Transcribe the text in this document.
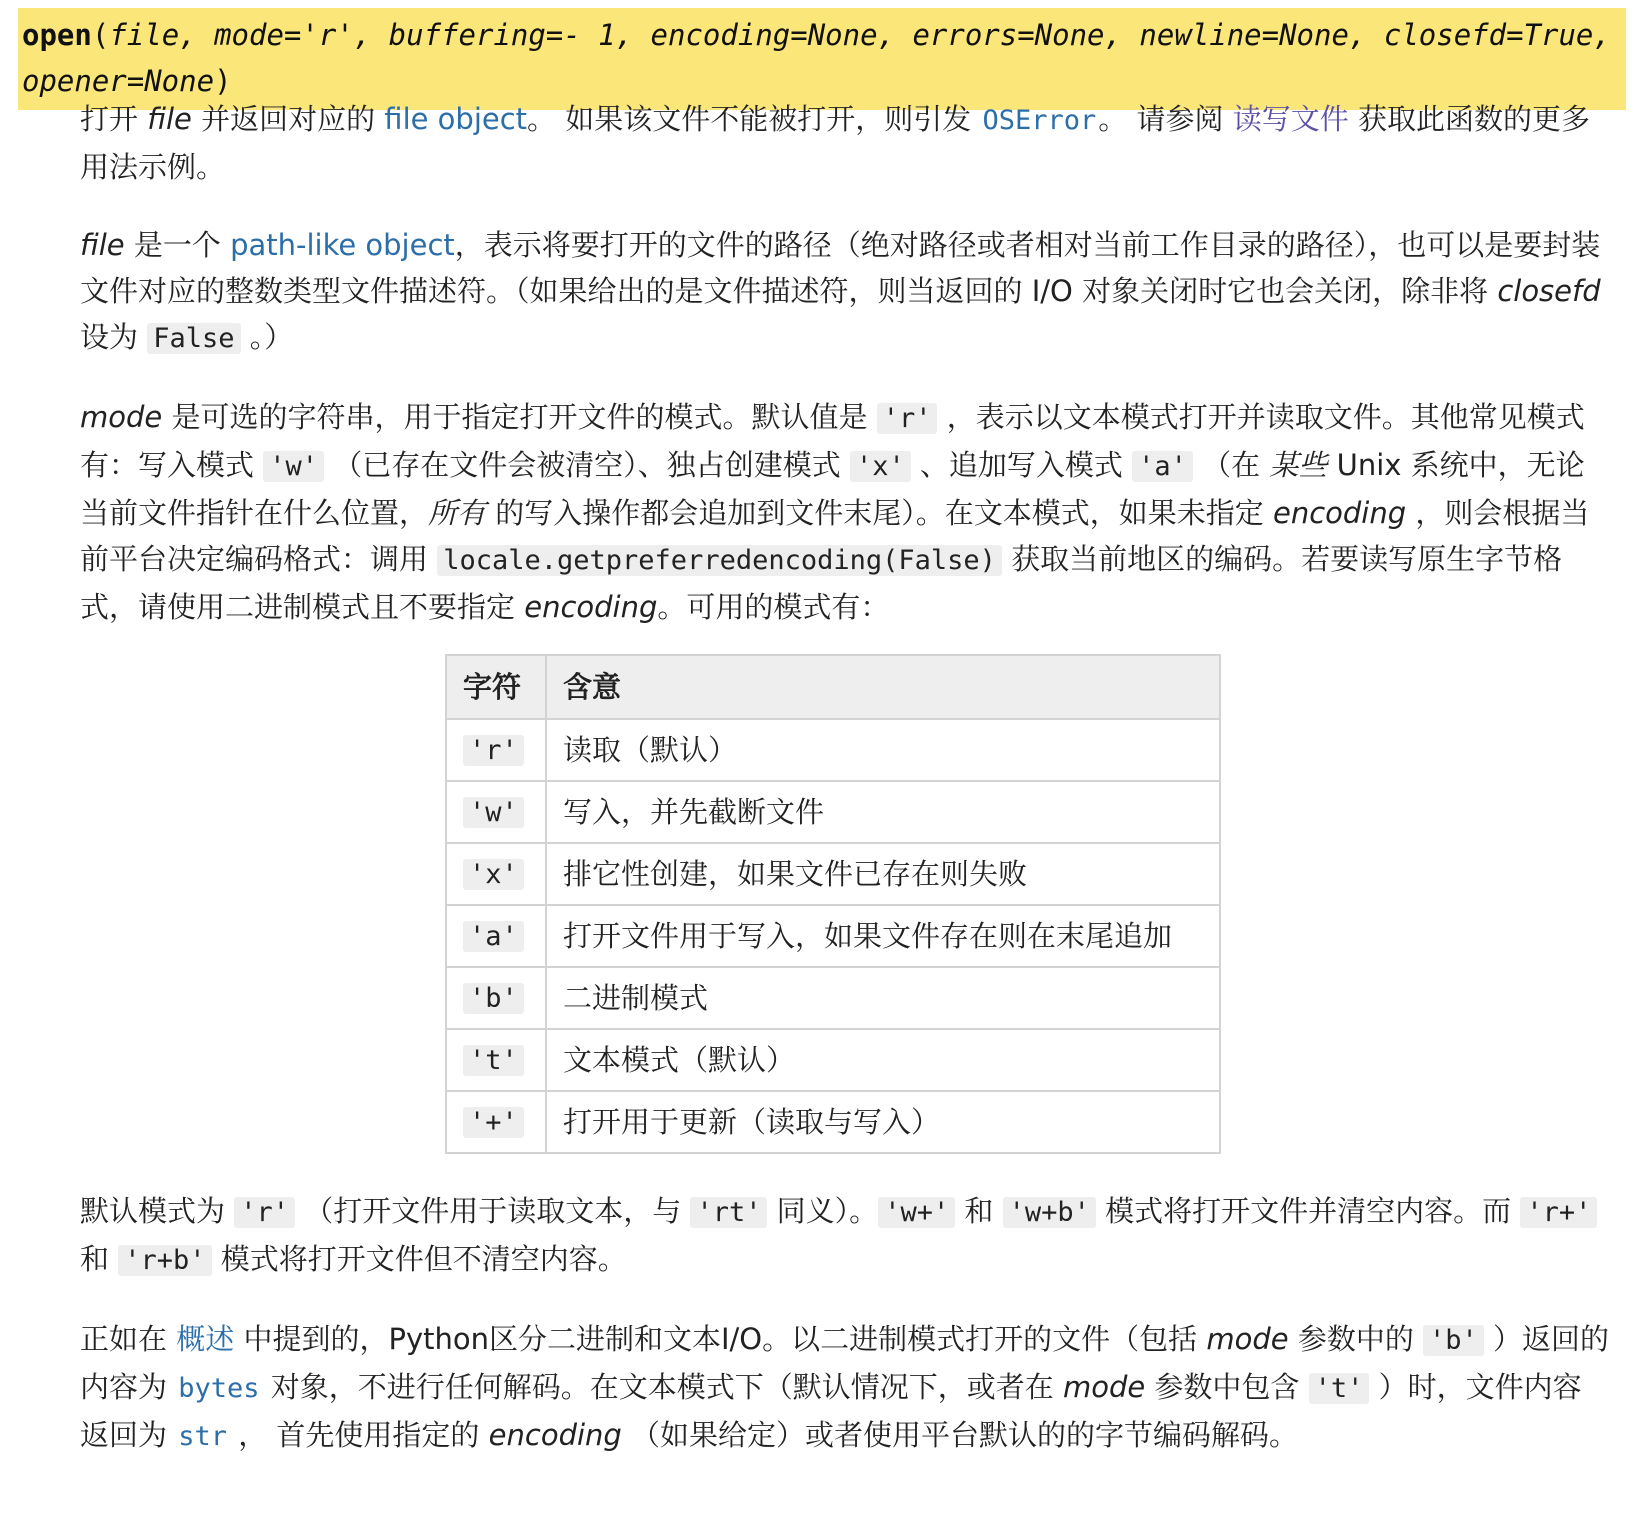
open(file, mode='r', buffering=- 1, encoding=None, errors=None, newline=None, closefd=True, opener=None)

打开 file 并返回对应的 file object。 如果该文件不能被打开，则引发 OSError。 请参阅 读写文件 获取此函数的更多用法示例。

file 是一个 path-like object，表示将要打开的文件的路径（绝对路径或者相对当前工作目录的路径），也可以是要封装文件对应的整数类型文件描述符。（如果给出的是文件描述符，则当返回的 I/O 对象关闭时它也会关闭，除非将 closefd 设为 False 。）

mode 是可选的字符串，用于指定打开文件的模式。默认值是 'r' ，表示以文本模式打开并读取文件。其他常见模式有：写入模式 'w' （已存在文件会被清空）、独占创建模式 'x' 、追加写入模式 'a' （在 某些 Unix 系统中，无论当前文件指针在什么位置，所有 的写入操作都会追加到文件末尾）。在文本模式，如果未指定 encoding ，则会根据当前平台决定编码格式：调用 locale.getpreferredencoding(False) 获取当前地区的编码。若要读写原生字节格式，请使用二进制模式且不要指定 encoding。可用的模式有：

字符	含意
'r'	读取（默认）
'w'	写入，并先截断文件
'x'	排它性创建，如果文件已存在则失败
'a'	打开文件用于写入，如果文件存在则在末尾追加
'b'	二进制模式
't'	文本模式（默认）
'+'	打开用于更新（读取与写入）

默认模式为 'r' （打开文件用于读取文本，与 'rt' 同义）。 'w+' 和 'w+b' 模式将打开文件并清空内容。而 'r+' 和 'r+b' 模式将打开文件但不清空内容。

正如在 概述 中提到的，Python区分二进制和文本I/O。以二进制模式打开的文件（包括 mode 参数中的 'b' ）返回的内容为 bytes 对象，不进行任何解码。在文本模式下（默认情况下，或者在 mode 参数中包含 't' ）时，文件内容返回为 str ， 首先使用指定的 encoding （如果给定）或者使用平台默认的的字节编码解码。
